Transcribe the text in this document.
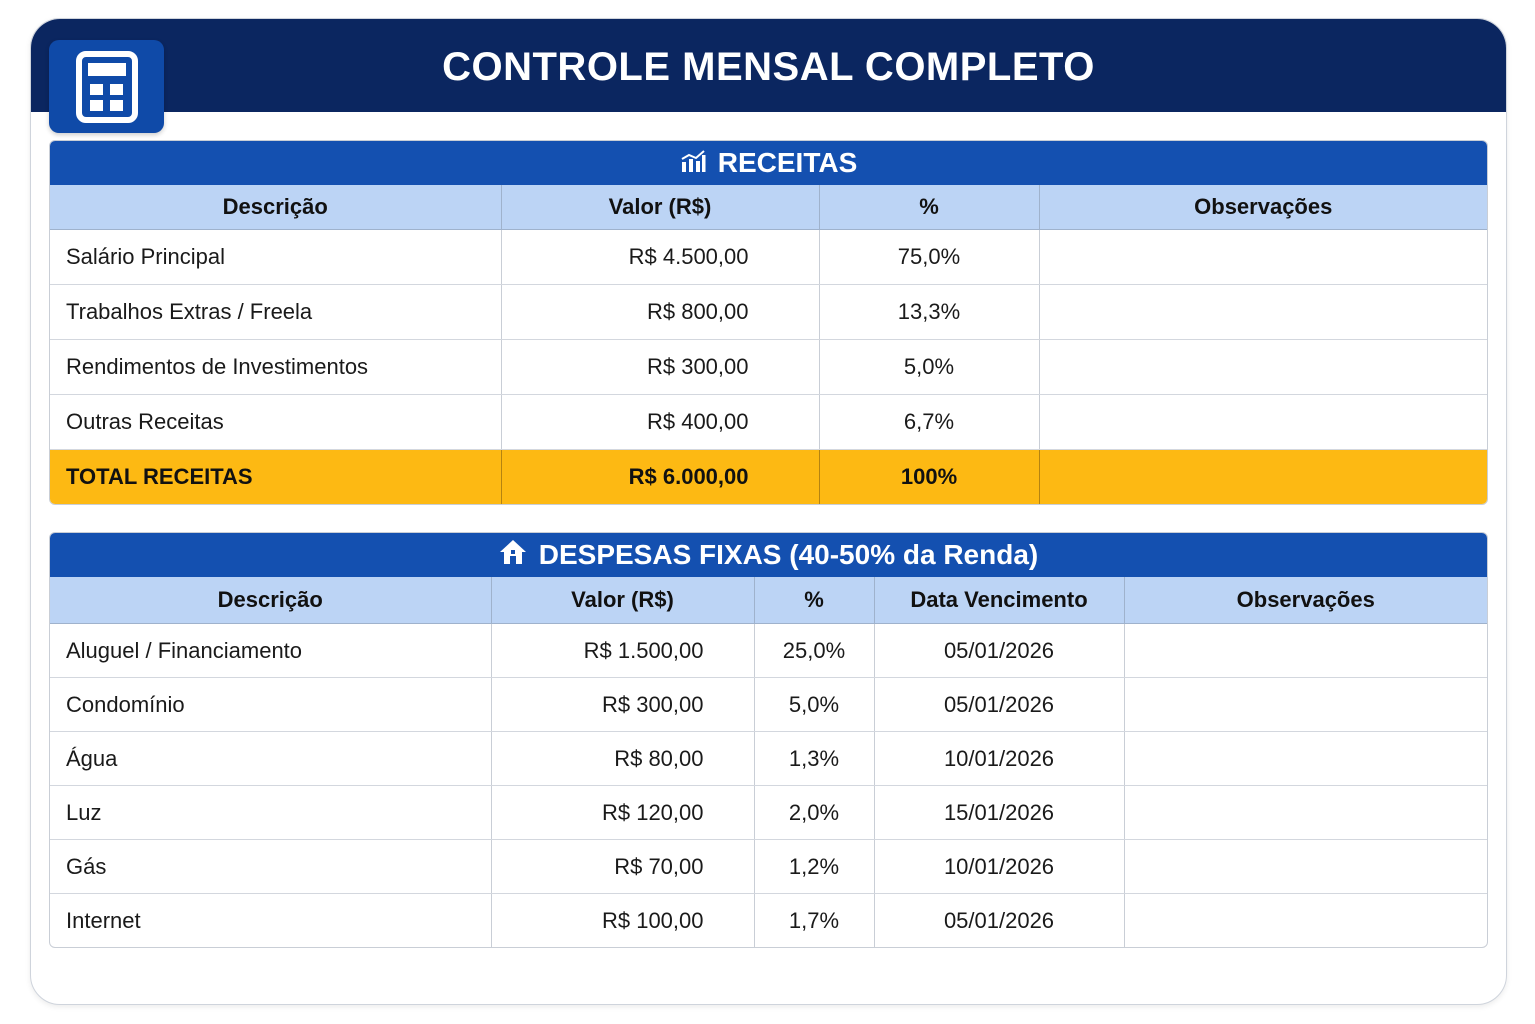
CONTROLE MENSAL COMPLETO
RECEITAS
Descrição	Valor (R$)	%	Observações
Salário Principal	R$ 4.500,00	75,0%	
Trabalhos Extras / Freela	R$ 800,00	13,3%	
Rendimentos de Investimentos	R$ 300,00	5,0%	
Outras Receitas	R$ 400,00	6,7%	
TOTAL RECEITAS	R$ 6.000,00	100%	
DESPESAS FIXAS (40-50% da Renda)
Descrição	Valor (R$)	%	Data Vencimento	Observações
Aluguel / Financiamento	R$ 1.500,00	25,0%	05/01/2026	
Condomínio	R$ 300,00	5,0%	05/01/2026	
Água	R$ 80,00	1,3%	10/01/2026	
Luz	R$ 120,00	2,0%	15/01/2026	
Gás	R$ 70,00	1,2%	10/01/2026	
Internet	R$ 100,00	1,7%	05/01/2026	
